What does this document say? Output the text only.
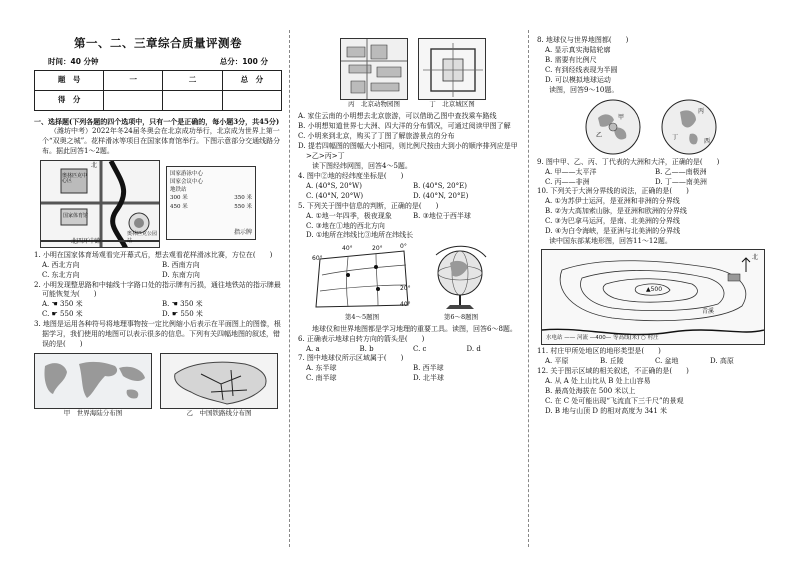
第一、二、三章综合质量评测卷
时间：40 分钟	总分：100 分
题　号	一	二	总　分
得　分			

一、选择题(下列各题的四个选项中，只有一个是正确的，每小题3分，共45分)

（潍坊中考）2022年冬24届冬奥会在北京成功举行，北京成为世界上第一个“双奥之城”。花样滑冰等项目在国家体育馆举行。下图示意部分交通线路分布。据此回答1～2题。

北
奥林匹克中心区
国家体育馆
奥林匹克公园站
北四环中路
国家游泳中心
国家会议中心
地铁站
300 米	350 米
450 米	550 米
指示牌

1. 小明在国家体育场观看完开幕式后，想去观看花样滑冰比赛，方位在(　　)

A. 西北方向	B. 西南方向
C. 东北方向	D. 东南方向

2. 小明发现整思路和中轴线十字路口处的指示牌有污损，通往地铁站的指示牌最可能恢复为(　　)

A. ☚ 350 米	B. ☚ 350 米
C. ☛ 550 米	D. ☛ 550 米

3. 地图是运用各种符号将地理事物按一定比例缩小后表示在平面图上的图像，根据学习，我们使用的地图可以表示很多的信息。下列有关四幅地图的叙述，错误的是(　　)

甲　世界海陆分布图	乙　中国铁路线分布图
丙　北京动物园图	丁　北京城区图

A. 家住云南的小明想去北京旅游，可以借助乙图中查找乘车路线

B. 小明想知道世界七大洲、四大洋的分布情况，可通过阅读甲图了解

C. 小明来到北京，购买了丁图了解旅游景点的分布

D. 提若四幅图的图幅大小相同，则比例尺按由大到小的顺序排列应是甲>乙>丙>丁

读下图经纬网图，回答4～5题。

4. 图中②地的经纬度坐标是(　　)

A. (40°S, 20°W)	B. (40°S, 20°E)
C. (40°N, 20°W)	D. (40°N, 20°E)

5. 下列关于图中信息的判断，正确的是(　　)

A. ①地一年四季，极夜现象	B. ③地位于西半球
C. ③地在①地的西北方向
D. ①地所在纬线比③地所在纬线长
40°	20°	0°
20°
40°
60°
第4～5题图	第6～8题图

地球仪和世界地图都是学习地理的重要工具。读图，回答6～8题。

6. 正确表示地球自转方向的箭头是(　　)

A. a	B. b	C. c	D. d

7. 图中地球仪所示区域属于(　　)

A. 东半球	B. 西半球
C. 南半球	D. 北半球

8. 地球仪与世界地图都(　　)

A. 显示真实海陆轮廓

B. 需要有比例尺

C. 有到经线表现为半圆

D. 可以模拟地球运动

读图，回答9～10题。

甲
乙
丙
丁
西

9. 图中甲、乙、丙、丁代表的大洲和大洋，正确的是(　　)

A. 甲——太平洋	B. 乙——南极洲
C. 丙——非洲	D. 丁——南美洲

10. 下列关于大洲分界线的说法，正确的是(　　)

A. ①为苏伊士运河，是亚洲和非洲的分界线

B. ②为大高加索山脉，是亚洲和欧洲的分界线

C. ③为巴拿马运河，是南、北美洲的分界线

D. ④为白令海峡，是亚洲与北美洲的分界线

读中国东部某地形图，回答11～12题。

北
▲500
青溪
水电站 —— 河流 —400— 等高线(米) ○ 村庄

11. 村庄甲所处地区的地形类型是(　　)

A. 平原	B. 丘陵	C. 盆地	D. 高原

12. 关于图示区域的相关叙述，不正确的是(　　)

A. 从 A 处上山比从 B 处上山容易

B. 最高处海拔在 500 米以上

C. 在 C 处可能出现“飞流直下三千尺”的景观

D. B 地与山顶 D 的相对高度为 341 米
